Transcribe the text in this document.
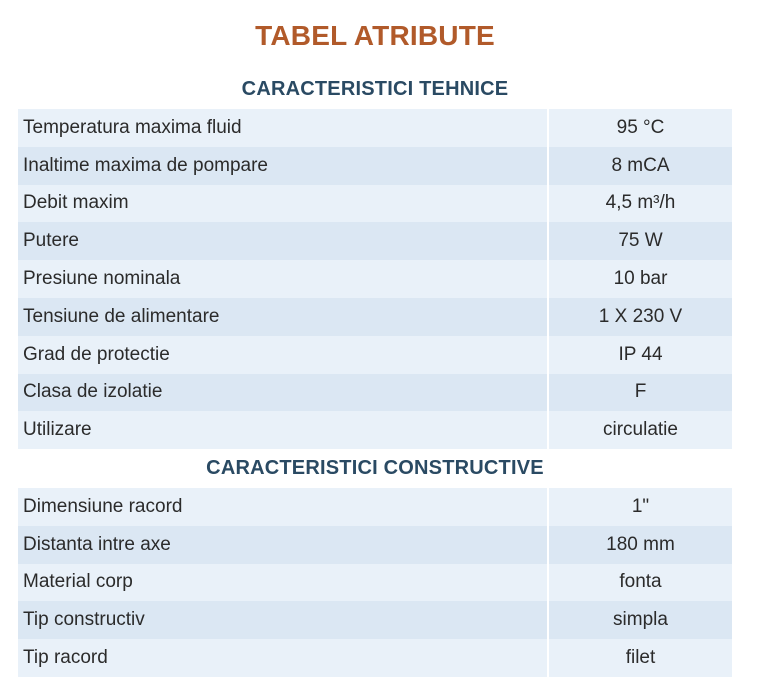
TABEL ATRIBUTE
CARACTERISTICI TEHNICE
Temperatura maxima fluid	95 °C
Inaltime maxima de pompare	8 mCA
Debit maxim	4,5 m³/h
Putere	75 W
Presiune nominala	10 bar
Tensiune de alimentare	1 X 230 V
Grad de protectie	IP 44
Clasa de izolatie	F
Utilizare	circulatie
CARACTERISTICI CONSTRUCTIVE
Dimensiune racord	1"
Distanta intre axe	180 mm
Material corp	fonta
Tip constructiv	simpla
Tip racord	filet
